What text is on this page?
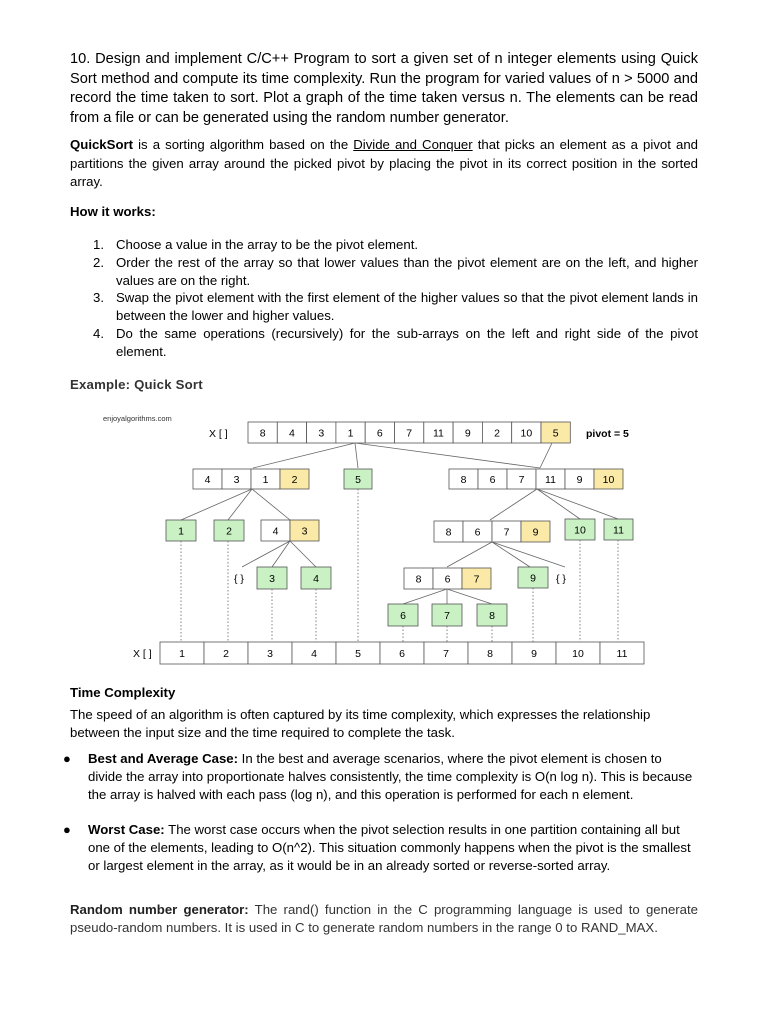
10. Design and implement C/C++ Program to sort a given set of n integer elements using Quick Sort method and compute its time complexity. Run the program for varied values of n > 5000 and record the time taken to sort. Plot a graph of the time taken versus n. The elements can be read from a file or can be generated using the random number generator.
QuickSort is a sorting algorithm based on the Divide and Conquer that picks an element as a pivot and partitions the given array around the picked pivot by placing the pivot in its correct position in the sorted array.
How it works:
1. Choose a value in the array to be the pivot element.
2. Order the rest of the array so that lower values than the pivot element are on the left, and higher values are on the right.
3. Swap the pivot element with the first element of the higher values so that the pivot element lands in between the lower and higher values.
4. Do the same operations (recursively) for the sub-arrays on the left and right side of the pivot element.
Example: Quick Sort
enjoyalgorithms.com
X [ ]	8 4 3 1 6 7 11 9 2 10 5	pivot = 5
4 3 1 2	5	8 6 7 11 9 10
1	2	4 3	8 6 7 9	10	11
{ } 3	4	8 6 7	9 { }
6	7	8
X [ ]	1	2	3	4	5	6	7	8	9	10	11
Time Complexity
The speed of an algorithm is often captured by its time complexity, which expresses the relationship between the input size and the time required to complete the task.
● Best and Average Case: In the best and average scenarios, where the pivot element is chosen to divide the array into proportionate halves consistently, the time complexity is O(n log n). This is because the array is halved with each pass (log n), and this operation is performed for each n element.
● Worst Case: The worst case occurs when the pivot selection results in one partition containing all but one of the elements, leading to O(n^2). This situation commonly happens when the pivot is the smallest or largest element in the array, as it would be in an already sorted or reverse-sorted array.
Random number generator: The rand() function in the C programming language is used to generate pseudo-random numbers. It is used in C to generate random numbers in the range 0 to RAND_MAX.
